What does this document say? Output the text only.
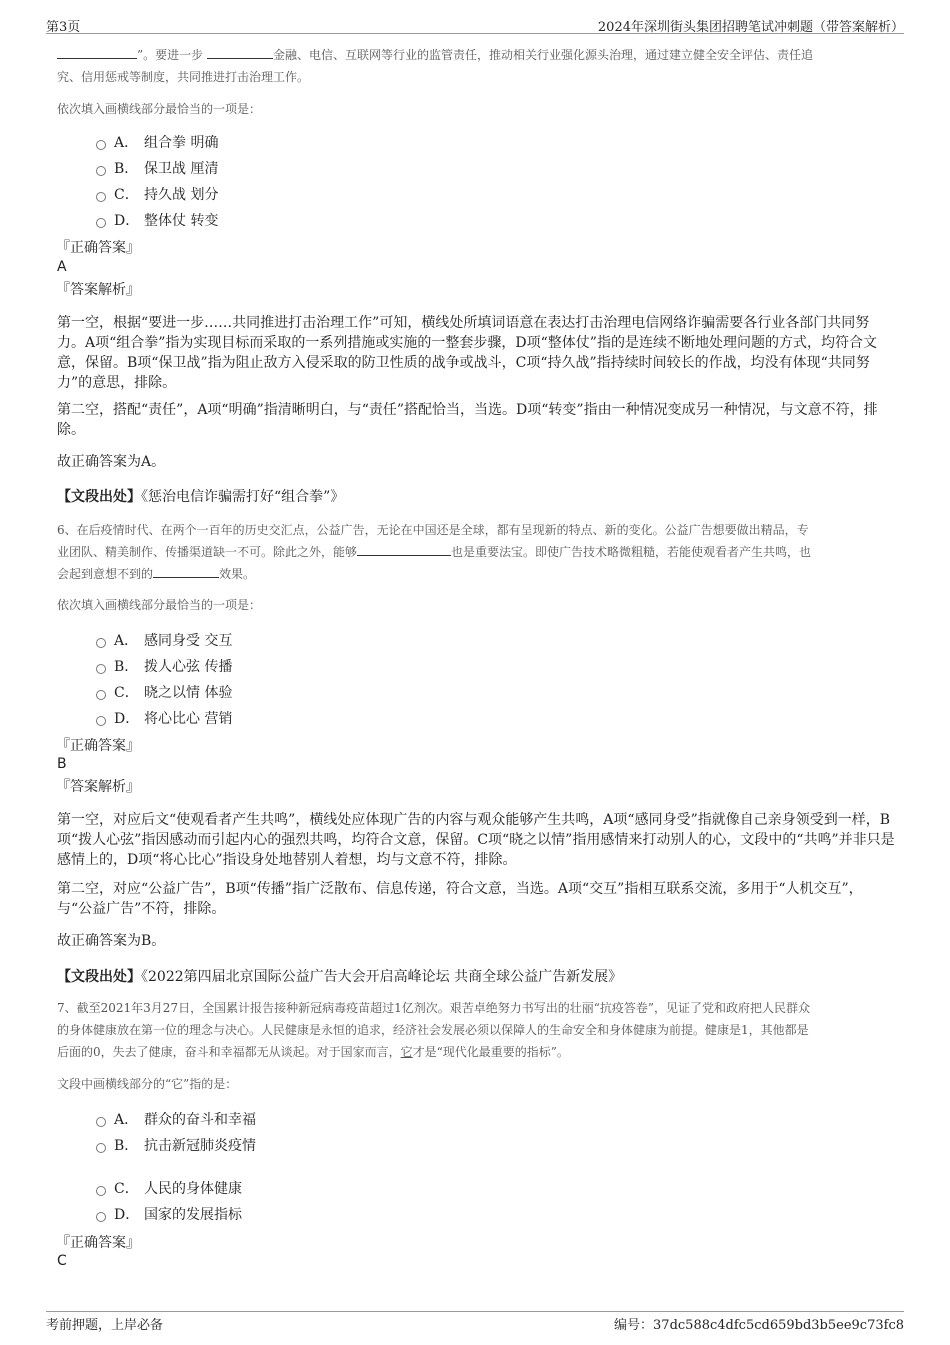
第3页	2024年深圳街头集团招聘笔试冲刺题（带答案解析）
”。要进一步	金融、电信、互联网等行业的监管责任，推动相关行业强化源头治理，通过建立健全安全评估、责任追
究、信用惩戒等制度，共同推进打击治理工作。
依次填入画横线部分最恰当的一项是：
A． 组合拳 明确
B． 保卫战 厘清
C． 持久战 划分
D． 整体仗 转变
『正确答案』
A
『答案解析』
第一空，根据“要进一步……共同推进打击治理工作”可知，横线处所填词语意在表达打击治理电信网络诈骗需要各行业各部门共同努力。A项“组合拳”指为实现目标而采取的一系列措施或实施的一整套步骤，D项“整体仗”指的是连续不断地处理问题的方式，均符合文意，保留。B项“保卫战”指为阻止敌方入侵采取的防卫性质的战争或战斗，C项“持久战”指持续时间较长的作战，均没有体现“共同努力”的意思，排除。
第二空，搭配“责任”，A项“明确”指清晰明白，与“责任”搭配恰当，当选。D项“转变”指由一种情况变成另一种情况，与文意不符，排除。
故正确答案为A。
【文段出处】《惩治电信诈骗需打好“组合拳”》
6、在后疫情时代、在两个一百年的历史交汇点，公益广告，无论在中国还是全球，都有呈现新的特点、新的变化。公益广告想要做出精品，专
业团队、精美制作、传播渠道缺一不可。除此之外，能够	也是重要法宝。即使广告技术略微粗糙，若能使观看者产生共鸣，也
会起到意想不到的	效果。
依次填入画横线部分最恰当的一项是：
A． 感同身受 交互
B． 拨人心弦 传播
C． 晓之以情 体验
D． 将心比心 营销
『正确答案』
B
『答案解析』
第一空，对应后文“使观看者产生共鸣”，横线处应体现广告的内容与观众能够产生共鸣，A项“感同身受”指就像自己亲身领受到一样，B项“拨人心弦”指因感动而引起内心的强烈共鸣，均符合文意，保留。C项“晓之以情”指用感情来打动别人的心，文段中的“共鸣”并非只是感情上的，D项“将心比心”指设身处地替别人着想，均与文意不符，排除。
第二空，对应“公益广告”，B项“传播”指广泛散布、信息传递，符合文意，当选。A项“交互”指相互联系交流，多用于“人机交互”，与“公益广告”不符，排除。
故正确答案为B。
【文段出处】《2022第四届北京国际公益广告大会开启高峰论坛 共商全球公益广告新发展》
7、截至2021年3月27日，全国累计报告接种新冠病毒疫苗超过1亿剂次。艰苦卓绝努力书写出的壮丽“抗疫答卷”，见证了党和政府把人民群众
的身体健康放在第一位的理念与决心。人民健康是永恒的追求，经济社会发展必须以保障人的生命安全和身体健康为前提。健康是1，其他都是
后面的0，失去了健康，奋斗和幸福都无从谈起。对于国家而言，它才是“现代化最重要的指标”。
文段中画横线部分的“它”指的是：
A． 群众的奋斗和幸福
B． 抗击新冠肺炎疫情
C． 人民的身体健康
D． 国家的发展指标
『正确答案』
C
考前押题，上岸必备	编号：37dc588c4dfc5cd659bd3b5ee9c73fc8
